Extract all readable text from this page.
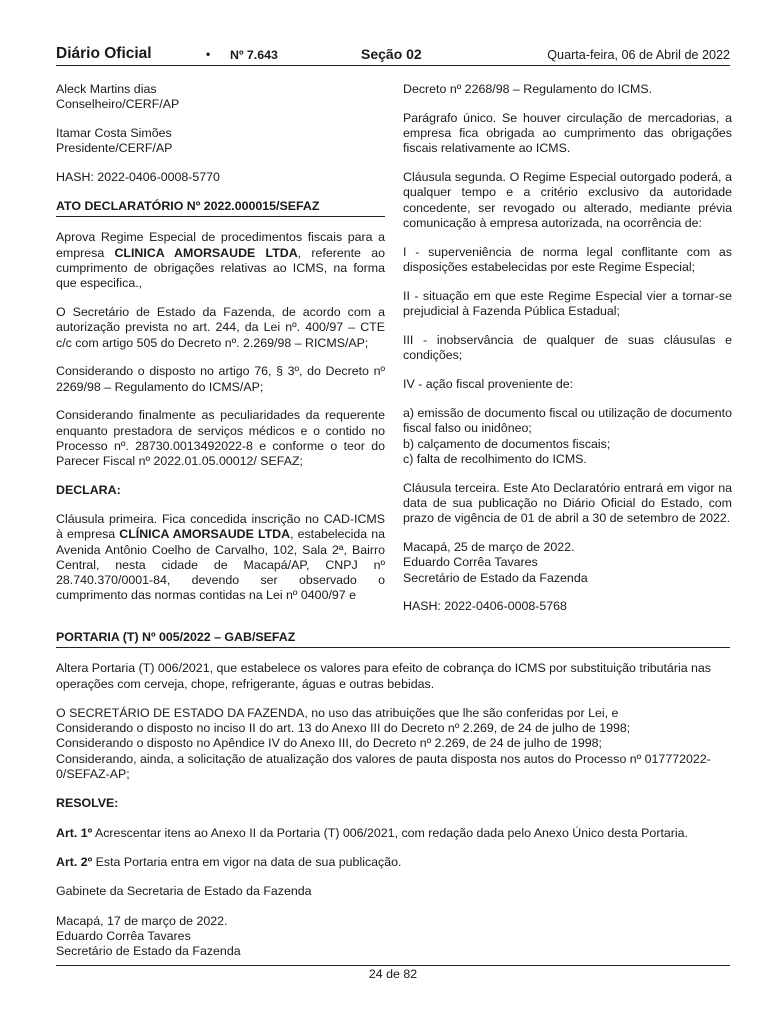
Diário Oficial	• Nº 7.643	Seção 02	Quarta-feira, 06 de Abril de 2022

Aleck Martins dias
Conselheiro/CERF/AP

Itamar Costa Simões
Presidente/CERF/AP

HASH: 2022-0406-0008-5770

ATO DECLARATÓRIO Nº 2022.000015/SEFAZ

Aprova Regime Especial de procedimentos fiscais para a empresa CLINICA AMORSAUDE LTDA, referente ao cumprimento de obrigações relativas ao ICMS, na forma que especifica.,

O Secretário de Estado da Fazenda, de acordo com a autorização prevista no art. 244, da Lei nº. 400/97 – CTE c/c com artigo 505 do Decreto nº. 2.269/98 – RICMS/AP;

Considerando o disposto no artigo 76, § 3º, do Decreto nº 2269/98 – Regulamento do ICMS/AP;

Considerando finalmente as peculiaridades da requerente enquanto prestadora de serviços médicos e o contido no Processo nº. 28730.0013492022-8 e conforme o teor do Parecer Fiscal nº 2022.01.05.00012/ SEFAZ;

DECLARA:

Cláusula primeira. Fica concedida inscrição no CAD-ICMS à empresa CLÍNICA AMORSAUDE LTDA, estabelecida na Avenida Antônio Coelho de Carvalho, 102, Sala 2ª, Bairro Central, nesta cidade de Macapá/AP, CNPJ nº 28.740.370/0001-84, devendo ser observado o cumprimento das normas contidas na Lei nº 0400/97 e

Decreto nº 2268/98 – Regulamento do ICMS.

Parágrafo único. Se houver circulação de mercadorias, a empresa fica obrigada ao cumprimento das obrigações fiscais relativamente ao ICMS.

Cláusula segunda. O Regime Especial outorgado poderá, a qualquer tempo e a critério exclusivo da autoridade concedente, ser revogado ou alterado, mediante prévia comunicação à empresa autorizada, na ocorrência de:

I - superveniência de norma legal conflitante com as disposições estabelecidas por este Regime Especial;

II - situação em que este Regime Especial vier a tornar-se prejudicial à Fazenda Pública Estadual;

III - inobservância de qualquer de suas cláusulas e condições;

IV - ação fiscal proveniente de:

a) emissão de documento fiscal ou utilização de documento fiscal falso ou inidôneo;
b) calçamento de documentos fiscais;
c) falta de recolhimento do ICMS.

Cláusula terceira. Este Ato Declaratório entrará em vigor na data de sua publicação no Diário Oficial do Estado, com prazo de vigência de 01 de abril a 30 de setembro de 2022.

Macapá, 25 de março de 2022.
Eduardo Corrêa Tavares
Secretário de Estado da Fazenda

HASH: 2022-0406-0008-5768

PORTARIA (T) Nº 005/2022 – GAB/SEFAZ

Altera Portaria (T) 006/2021, que estabelece os valores para efeito de cobrança do ICMS por substituição tributária nas operações com cerveja, chope, refrigerante, águas e outras bebidas.

O SECRETÁRIO DE ESTADO DA FAZENDA, no uso das atribuições que lhe são conferidas por Lei, e
Considerando o disposto no inciso II do art. 13 do Anexo III do Decreto nº 2.269, de 24 de julho de 1998;
Considerando o disposto no Apêndice IV do Anexo III, do Decreto nº 2.269, de 24 de julho de 1998;
Considerando, ainda, a solicitação de atualização dos valores de pauta disposta nos autos do Processo nº 017772022-0/SEFAZ-AP;

RESOLVE:

Art. 1º Acrescentar itens ao Anexo II da Portaria (T) 006/2021, com redação dada pelo Anexo Único desta Portaria.

Art. 2º Esta Portaria entra em vigor na data de sua publicação.

Gabinete da Secretaria de Estado da Fazenda

Macapá, 17 de março de 2022.
Eduardo Corrêa Tavares
Secretário de Estado da Fazenda

24 de 82
